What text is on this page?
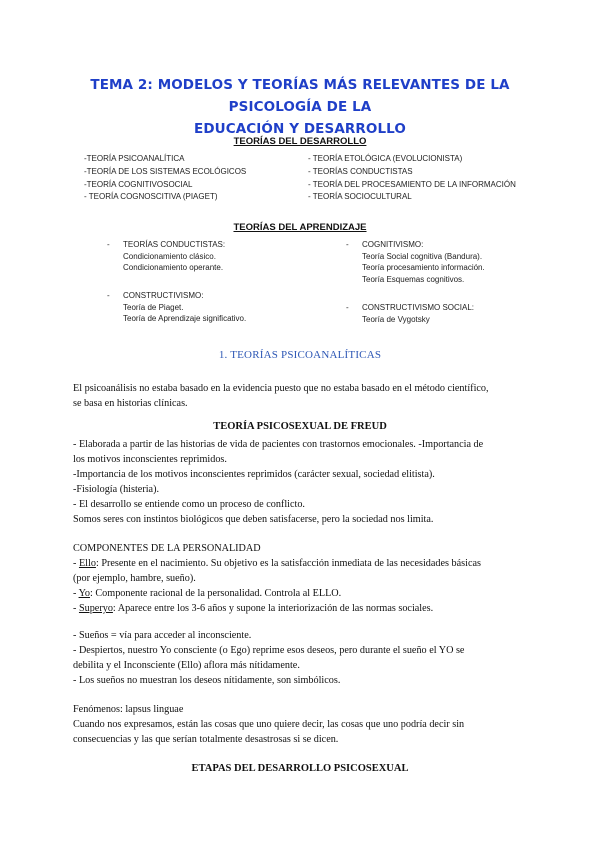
TEMA 2: MODELOS Y TEORÍAS MÁS RELEVANTES DE LA PSICOLOGÍA DE LA
EDUCACIÓN Y DESARROLLO
TEORÍAS DEL DESARROLLO
-TEORÍA PSICOANALÍTICA
-TEORÍA DE LOS SISTEMAS ECOLÓGICOS
-TEORÍA COGNITIVOSOCIAL
- TEORÍA COGNOSCITIVA (PIAGET)
- TEORÍA ETOLÓGICA (EVOLUCIONISTA)
- TEORÍAS CONDUCTISTAS
- TEORÍA DEL PROCESAMIENTO DE LA INFORMACIÓN
- TEORÍA SOCIOCULTURAL
TEORÍAS DEL APRENDIZAJE
- TEORÍAS CONDUCTISTAS:
Condicionamiento clásico.
Condicionamiento operante.
- COGNITIVISMO:
Teoría Social cognitiva (Bandura).
Teoría procesamiento información.
Teoría Esquemas cognitivos.
- CONSTRUCTIVISMO:
Teoría de Piaget.
Teoría de Aprendizaje significativo.
- CONSTRUCTIVISMO SOCIAL:
Teoría de Vygotsky
1. TEORÍAS PSICOANALÍTICAS

El psicoanálisis no estaba basado en la evidencia puesto que no estaba basado en el método científico,

se basa en historias clínicas.

TEORÍA PSICOSEXUAL DE FREUD

- Elaborada a partir de las historias de vida de pacientes con trastornos emocionales. -Importancia de

los motivos inconscientes reprimidos.

-Importancia de los motivos inconscientes reprimidos (carácter sexual, sociedad elitista).

-Fisiología (histeria).

- El desarrollo se entiende como un proceso de conflicto.

Somos seres con instintos biológicos que deben satisfacerse, pero la sociedad nos limita.

COMPONENTES DE LA PERSONALIDAD

- Ello: Presente en el nacimiento. Su objetivo es la satisfacción inmediata de las necesidades básicas

(por ejemplo, hambre, sueño).

- Yo: Componente racional de la personalidad. Controla al ELLO.

- Superyo: Aparece entre los 3-6 años y supone la interiorización de las normas sociales.

- Sueños = vía para acceder al inconsciente.

- Despiertos, nuestro Yo consciente (o Ego) reprime esos deseos, pero durante el sueño el YO se

debilita y el Inconsciente (Ello) aflora más nítidamente.

- Los sueños no muestran los deseos nítidamente, son simbólicos.

Fenómenos: lapsus linguae

Cuando nos expresamos, están las cosas que uno quiere decir, las cosas que uno podría decir sin

consecuencias y las que serían totalmente desastrosas si se dicen.

ETAPAS DEL DESARROLLO PSICOSEXUAL
